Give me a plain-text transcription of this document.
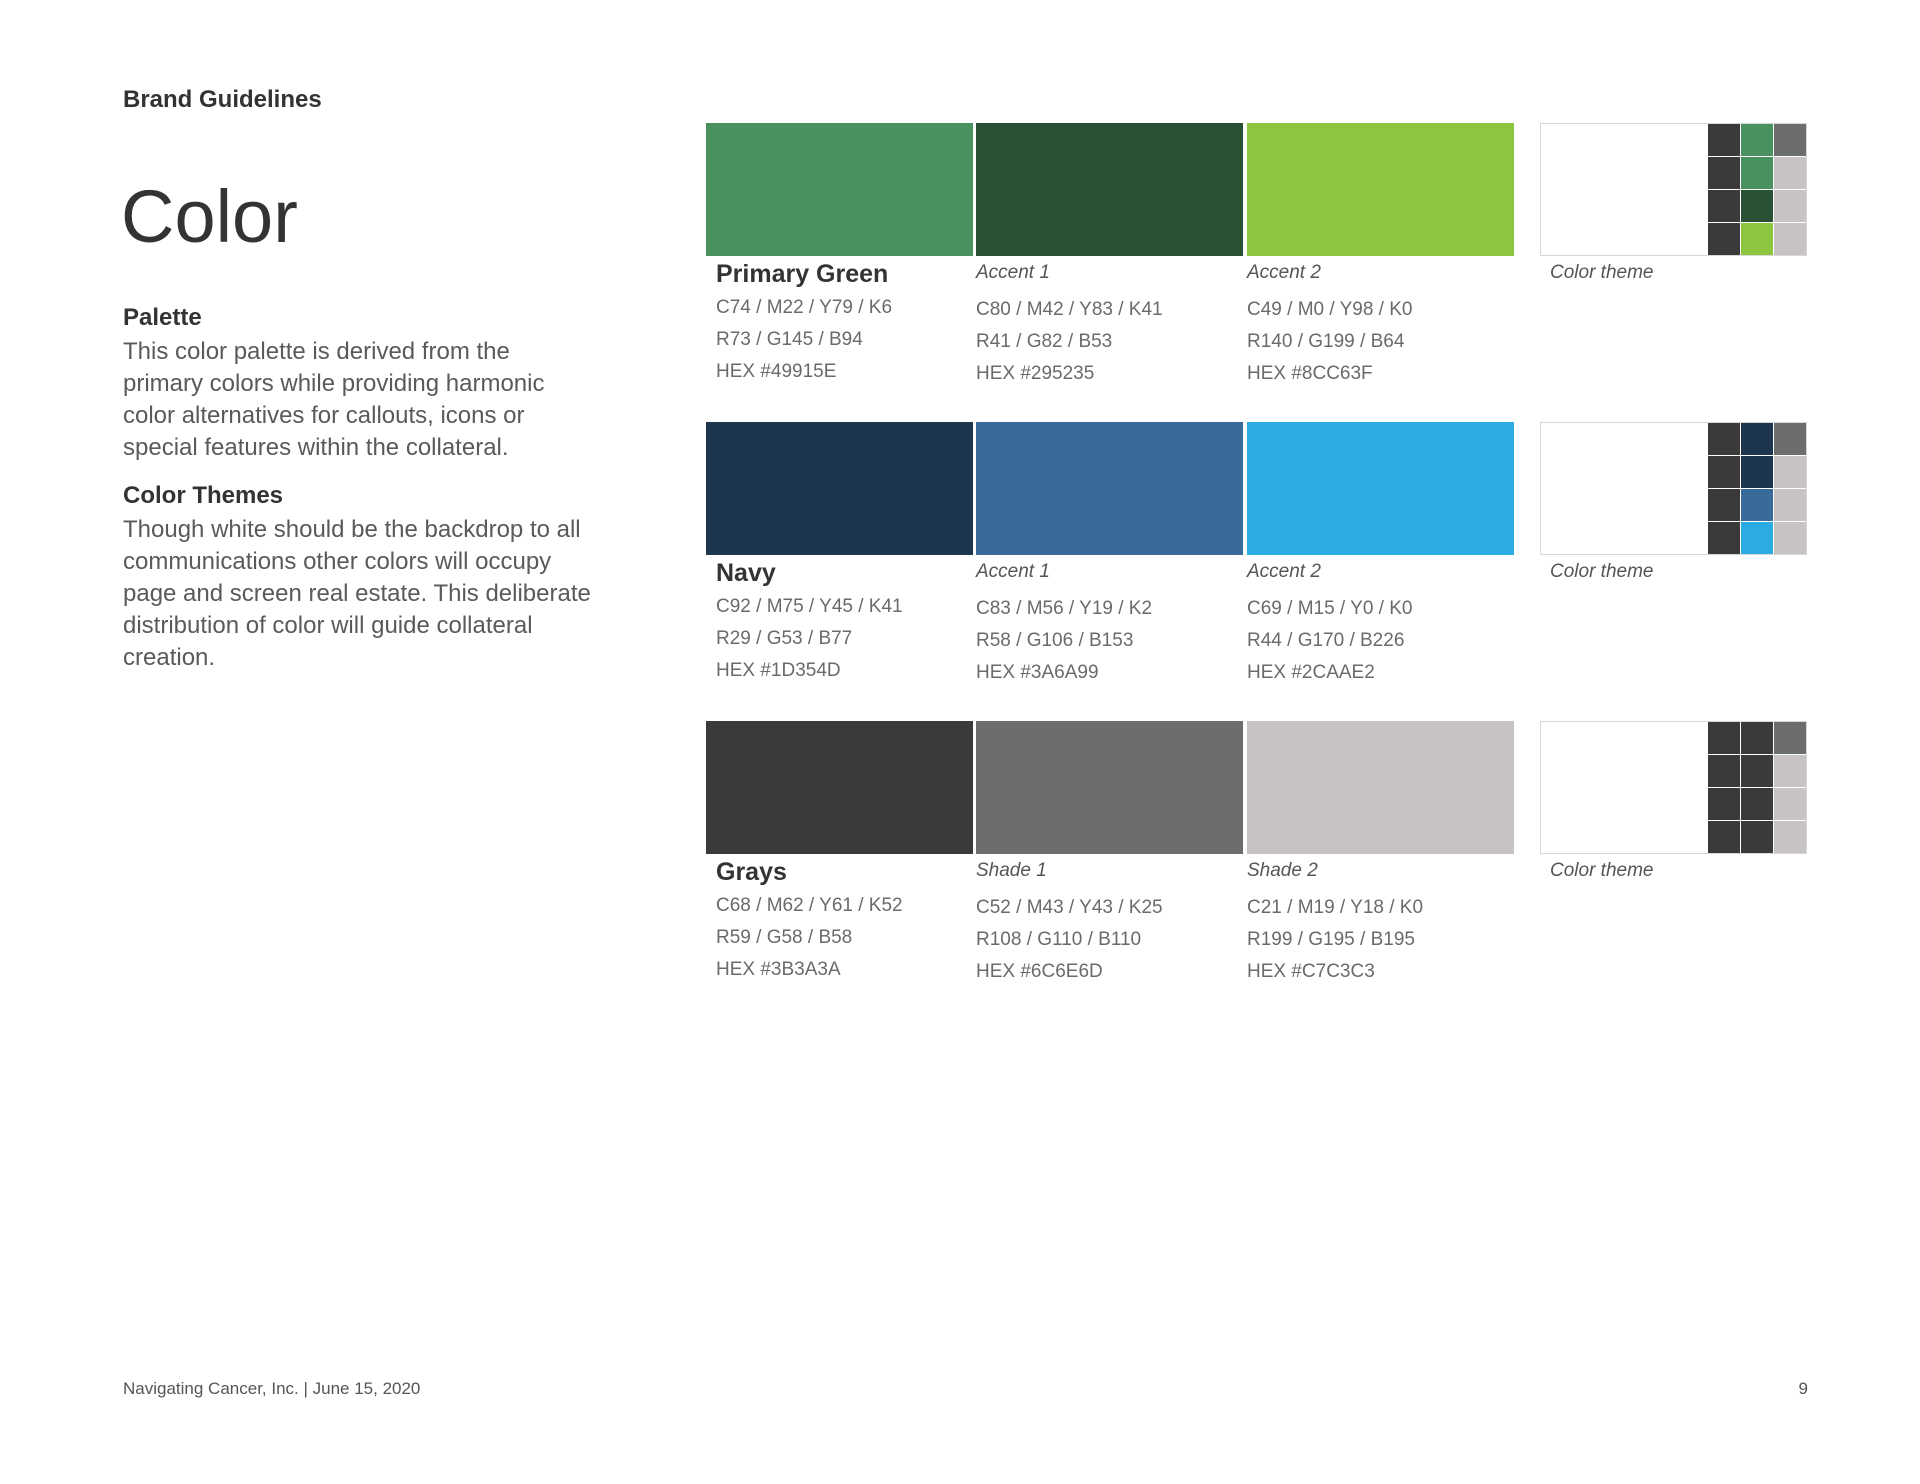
Brand Guidelines
Color
Palette
This color palette is derived from the primary colors while providing harmonic color alternatives for callouts, icons or special features within the collateral.
Color Themes
Though white should be the backdrop to all communications other colors will occupy page and screen real estate. This deliberate distribution of color will guide collateral creation.
Primary Green
C74 / M22 / Y79 / K6
R73 / G145 / B94
HEX #49915E
Accent 1
C80 / M42 / Y83 / K41
R41 / G82 / B53
HEX #295235
Accent 2
C49 / M0 / Y98 / K0
R140 / G199 / B64
HEX #8CC63F
Color theme
Navy
C92 / M75 / Y45 / K41
R29 / G53 / B77
HEX #1D354D
Accent 1
C83 / M56 / Y19 / K2
R58 / G106 / B153
HEX #3A6A99
Accent 2
C69 / M15 / Y0 / K0
R44 / G170 / B226
HEX #2CAAE2
Color theme
Grays
C68 / M62 / Y61 / K52
R59 / G58 / B58
HEX #3B3A3A
Shade 1
C52 / M43 / Y43 / K25
R108 / G110 / B110
HEX #6C6E6D
Shade 2
C21 / M19 / Y18 / K0
R199 / G195 / B195
HEX #C7C3C3
Color theme
Navigating Cancer, Inc. | June 15, 2020	9
